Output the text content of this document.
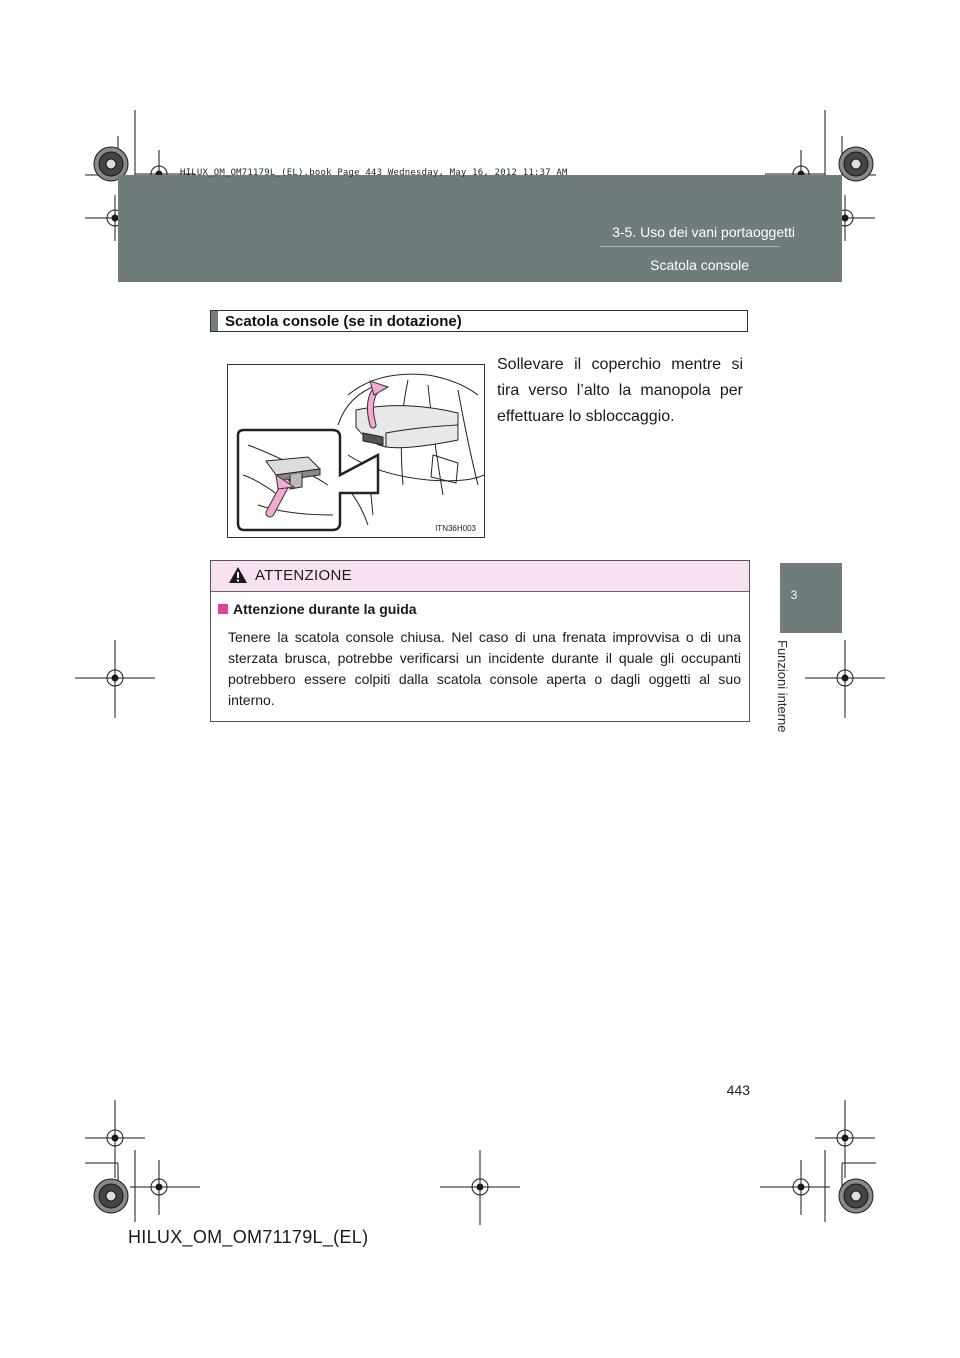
HILUX_OM_OM71179L_(EL).book Page 443 Wednesday, May 16, 2012 11:37 AM
3-5. Uso dei vani portaoggetti
Scatola console
3
Funzioni interne
Scatola console (se in dotazione)
ITN36H003
Sollevare il coperchio mentre si tira verso l’alto la manopola per effettuare lo sbloccaggio.
ATTENZIONE
Attenzione durante la guida
Tenere la scatola console chiusa. Nel caso di una frenata improvvisa o di una sterzata brusca, potrebbe verificarsi un incidente durante il quale gli occupanti potrebbero essere colpiti dalla scatola console aperta o dagli oggetti al suo interno.
443
HILUX_OM_OM71179L_(EL)
